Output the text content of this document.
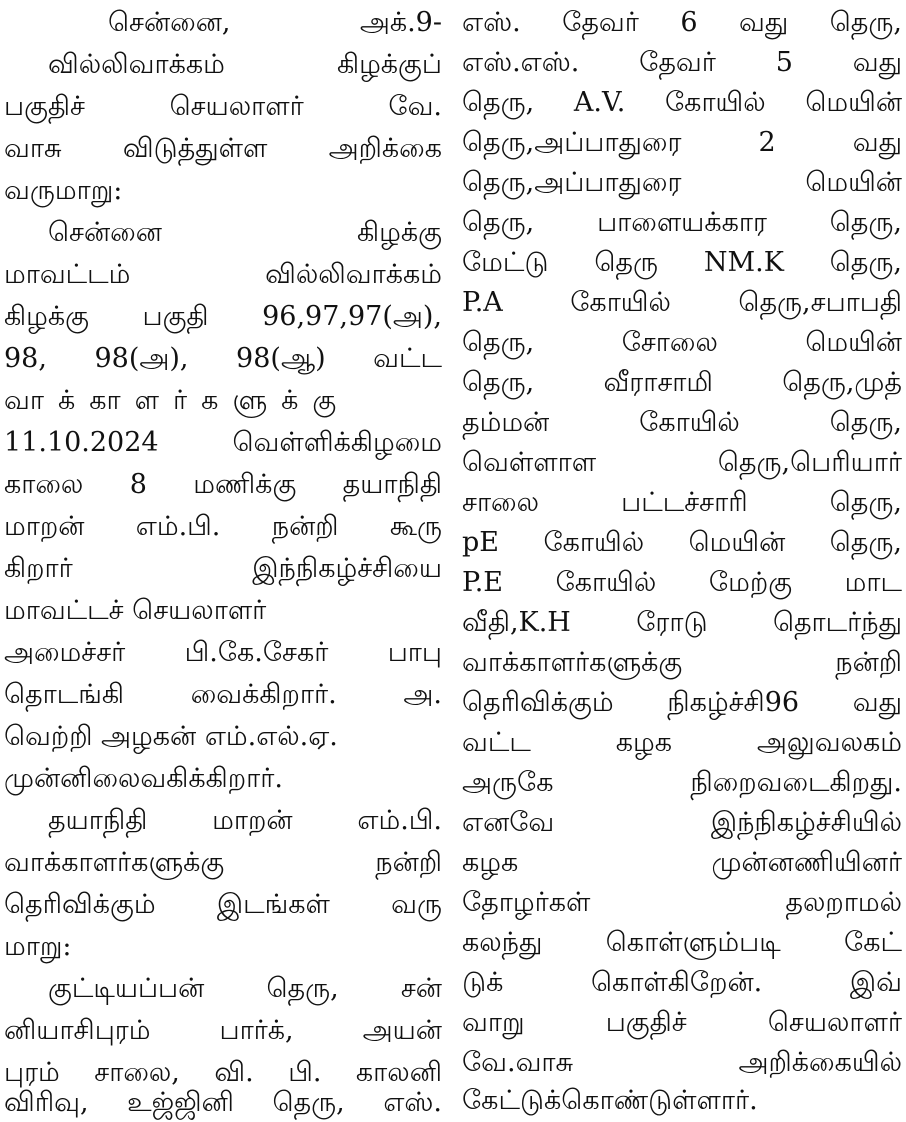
சென்னை, அக்.9-
வில்லிவாக்கம் கிழக்குப்
பகுதிச் செயலாளர் வே.
வாசு விடுத்துள்ள அறிக்கை
வருமாறு:
சென்னை கிழக்கு
மாவட்டம் வில்லிவாக்கம்
கிழக்கு பகுதி 96,97,97(அ),
98, 98(அ), 98(ஆ) வட்ட
வாக்காளர்களுக்கு
11.10.2024 வெள்ளிக்கிழமை
காலை 8 மணிக்கு தயாநிதி
மாறன் எம்.பி. நன்றி கூரு
கிறார் இந்நிகழ்ச்சியை
மாவட்டச் செயலாளர்
அமைச்சர் பி.கே.சேகர் பாபு
தொடங்கி வைக்கிறார். அ.
வெற்றி அழகன் எம்.எல்.ஏ.
முன்னிலைவகிக்கிறார்.
தயாநிதி மாறன் எம்.பி.
வாக்காளர்களுக்கு நன்றி
தெரிவிக்கும் இடங்கள் வரு
மாறு:
குட்டியப்பன் தெரு, சன்
னியாசிபுரம் பார்க், அயன்
புரம் சாலை, வி. பி. காலனி
விரிவு, உஜ்ஜினி தெரு, எஸ்.
எஸ். தேவர் 6 வது தெரு,
எஸ்.எஸ். தேவர் 5 வது
தெரு, A.V. கோயில் மெயின்
தெரு,அப்பாதுரை 2 வது
தெரு,அப்பாதுரை மெயின்
தெரு, பாளையக்கார தெரு,
மேட்டு தெரு NM.K தெரு,
P.A கோயில் தெரு,சபாபதி
தெரு, சோலை மெயின்
தெரு, வீராசாமி தெரு,முத்
தம்மன் கோயில் தெரு,
வெள்ளாள தெரு,பெரியார்
சாலை பட்டச்சாரி தெரு,
pE கோயில் மெயின் தெரு,
P.E கோயில் மேற்கு மாட
வீதி,K.H ரோடு தொடர்ந்து
வாக்காளர்களுக்கு நன்றி
தெரிவிக்கும் நிகழ்ச்சி96 வது
வட்ட கழக அலுவலகம்
அருகே நிறைவடைகிறது.
எனவே இந்நிகழ்ச்சியில்
கழக முன்னணியினர்
தோழர்கள் தலறாமல்
கலந்து கொள்ளும்படி கேட்
டுக் கொள்கிறேன். இவ்
வாறு பகுதிச் செயலாளர்
வே.வாசு அறிக்கையில்
கேட்டுக்கொண்டுள்ளார்.
